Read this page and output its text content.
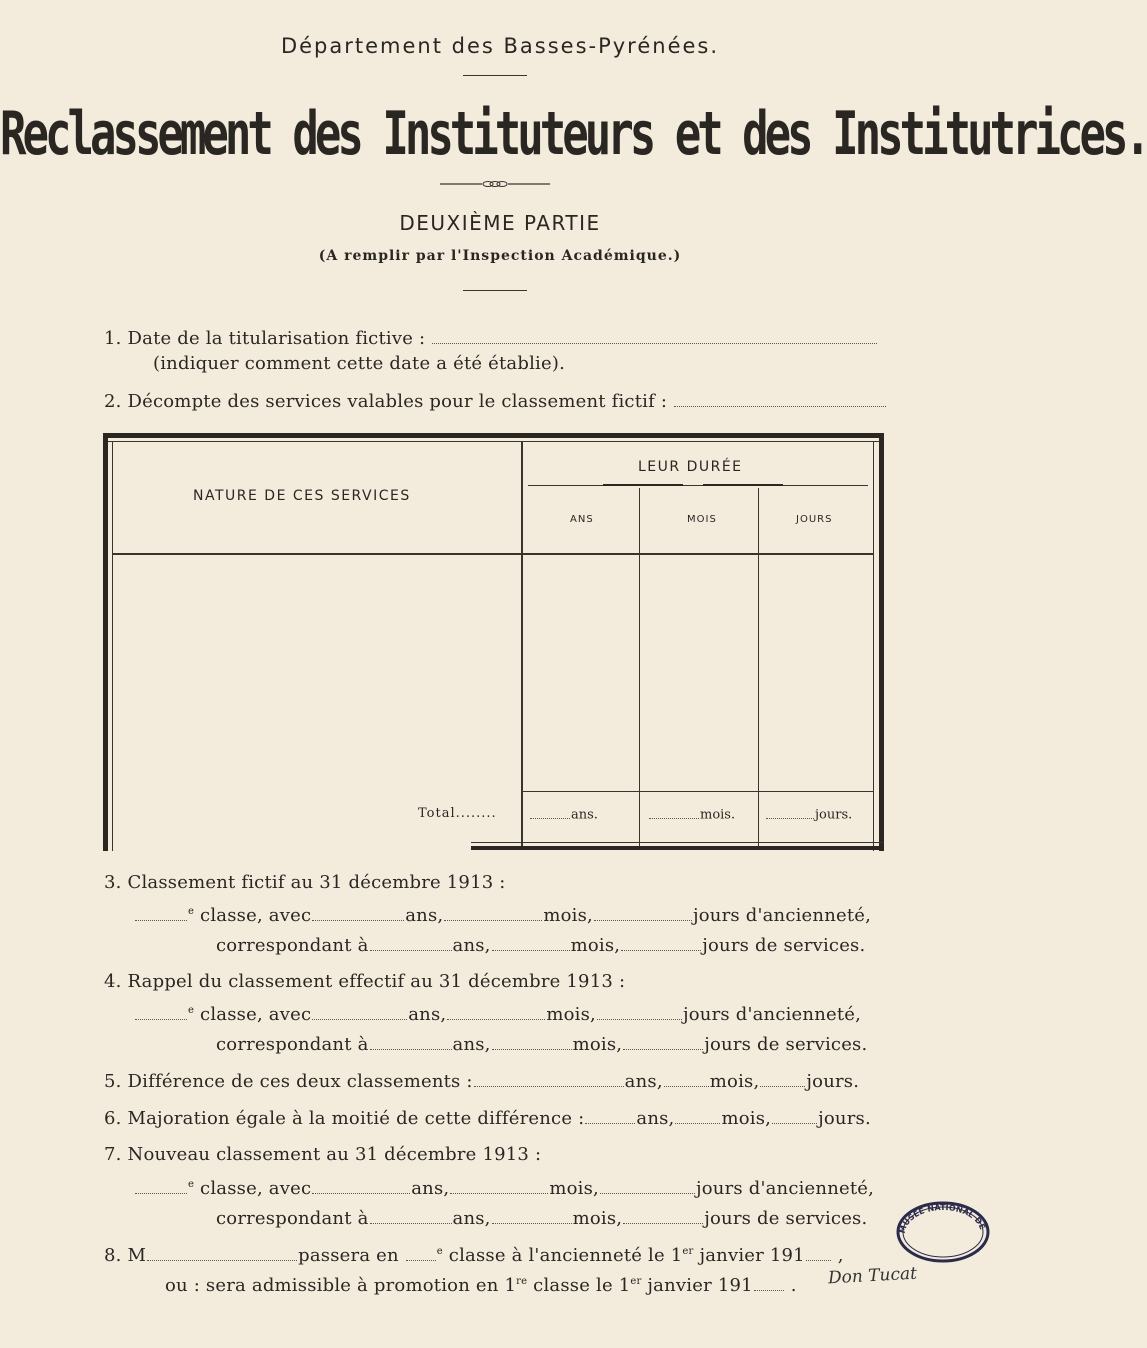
Département des Basses-Pyrénées.
Reclassement des Instituteurs et des Institutrices.
DEUXIÈME PARTIE
(A remplir par l'Inspection Académique.)
1. Date de la titularisation fictive :
(indiquer comment cette date a été établie).
2. Décompte des services valables pour le classement fictif :
NATURE DE CES SERVICES
LEUR DURÉE
ANS	MOIS	JOURS
Total........	ans.	mois.	jours.
3. Classement fictif au 31 décembre 1913 :
$^e$ classe, avec	ans,	mois,	jours d'ancienneté,
correspondant à	ans,	mois,	jours de services.
4. Rappel du classement effectif au 31 décembre 1913 :
$^e$ classe, avec	ans,	mois,	jours d'ancienneté,
correspondant à	ans,	mois,	jours de services.
5. Différence de ces deux classements :	ans,	mois,	jours.
6. Majoration égale à la moitié de cette différence :	ans,	mois,	jours.
7. Nouveau classement au 31 décembre 1913 :
$^e$ classe, avec	ans,	mois,	jours d'ancienneté,
correspondant à	ans,	mois,	jours de services.
8. M	passera en	$^e$ classe à l'ancienneté le 1er janvier 191 ,
ou : sera admissible à promotion en 1re classe le 1er janvier 191 .
MUSÉE NATIONAL DE
Don Tucat
